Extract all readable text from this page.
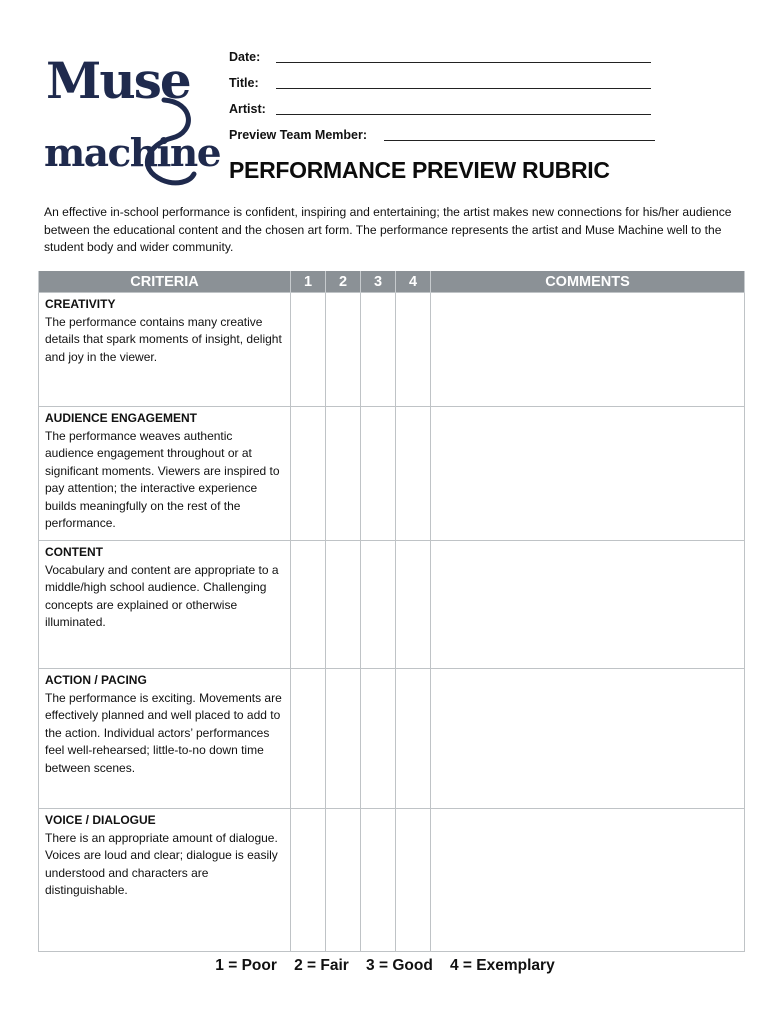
Muse
machine
Date:
Title:
Artist:
Preview Team Member:
PERFORMANCE PREVIEW RUBRIC
An effective in-school performance is confident, inspiring and entertaining; the artist makes new connections for his/her audience between the educational content and the chosen art form. The performance represents the artist and Muse Machine well to the student body and wider community.
CRITERIA	1	2	3	4	COMMENTS

CREATIVITY
The performance contains many creative details that spark moments of insight, delight and joy in the viewer.					

AUDIENCE ENGAGEMENT
The performance weaves authentic audience engagement throughout or at significant moments. Viewers are inspired to pay attention; the interactive experience builds meaningfully on the rest of the performance.					

CONTENT
Vocabulary and content are appropriate to a middle/high school audience. Challenging concepts are explained or otherwise illuminated.					

ACTION / PACING
The performance is exciting. Movements are effectively planned and well placed to add to the action. Individual actors’ performances feel well-rehearsed; little-to-no down time between scenes.					

VOICE / DIALOGUE
There is an appropriate amount of dialogue. Voices are loud and clear; dialogue is easily understood and characters are distinguishable.					

1 = Poor    2 = Fair    3 = Good    4 = Exemplary
